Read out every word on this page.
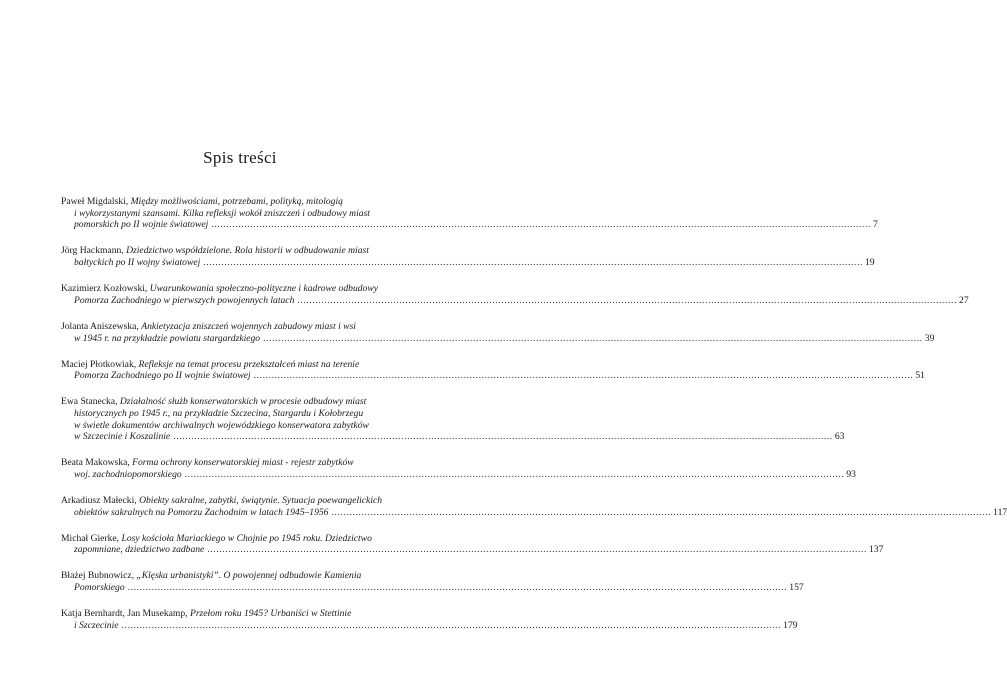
Spis treści
Paweł Migdalski, Między możliwościami, potrzebami, polityką, mitologią
i wykorzystanymi szansami. Kilka refleksji wokół zniszczeń i odbudowy miast
pomorskich po II wojnie światowej ............................................................................................................................................................................................................................ 7
Jörg Hackmann, Dziedzictwo współdzielone. Rola historii w odbudowanie miast
bałtyckich po II wojny światowej ............................................................................................................................................................................................................................ 19
Kazimierz Kozłowski, Uwarunkowania społeczno-polityczne i kadrowe odbudowy
Pomorza Zachodniego w pierwszych powojennych latach ............................................................................................................................................................................................................................ 27
Jolanta Aniszewska, Ankietyzacja zniszczeń wojennych zabudowy miast i wsi
w 1945 r. na przykładzie powiatu stargardzkiego ............................................................................................................................................................................................................................ 39
Maciej Płotkowiak, Refleksje na temat procesu przekształceń miast na terenie
Pomorza Zachodniego po II wojnie światowej ............................................................................................................................................................................................................................ 51
Ewa Stanecka, Działalność służb konserwatorskich w procesie odbudowy miast
historycznych po 1945 r., na przykładzie Szczecina, Stargardu i Kołobrzegu
w świetle dokumentów archiwalnych wojewódzkiego konserwatora zabytków
w Szczecinie i Koszalinie ............................................................................................................................................................................................................................ 63
Beata Makowska, Forma ochrony konserwatorskiej miast - rejestr zabytków
woj. zachodniopomorskiego ............................................................................................................................................................................................................................ 93
Arkadiusz Małecki, Obiekty sakralne, zabytki, świątynie. Sytuacja poewangelickich
obiektów sakralnych na Pomorzu Zachodnim w latach 1945–1956 ............................................................................................................................................................................................................................ 117
Michał Gierke, Losy kościoła Mariackiego w Chojnie po 1945 roku. Dziedzictwo
zapomniane, dziedzictwo zadbane ............................................................................................................................................................................................................................ 137
Błażej Bubnowicz, „Klęska urbanistyki”. O powojennej odbudowie Kamienia
Pomorskiego ............................................................................................................................................................................................................................ 157
Katja Bernhardt, Jan Musekamp, Przełom roku 1945? Urbaniści w Stettinie
i Szczecinie ............................................................................................................................................................................................................................ 179
